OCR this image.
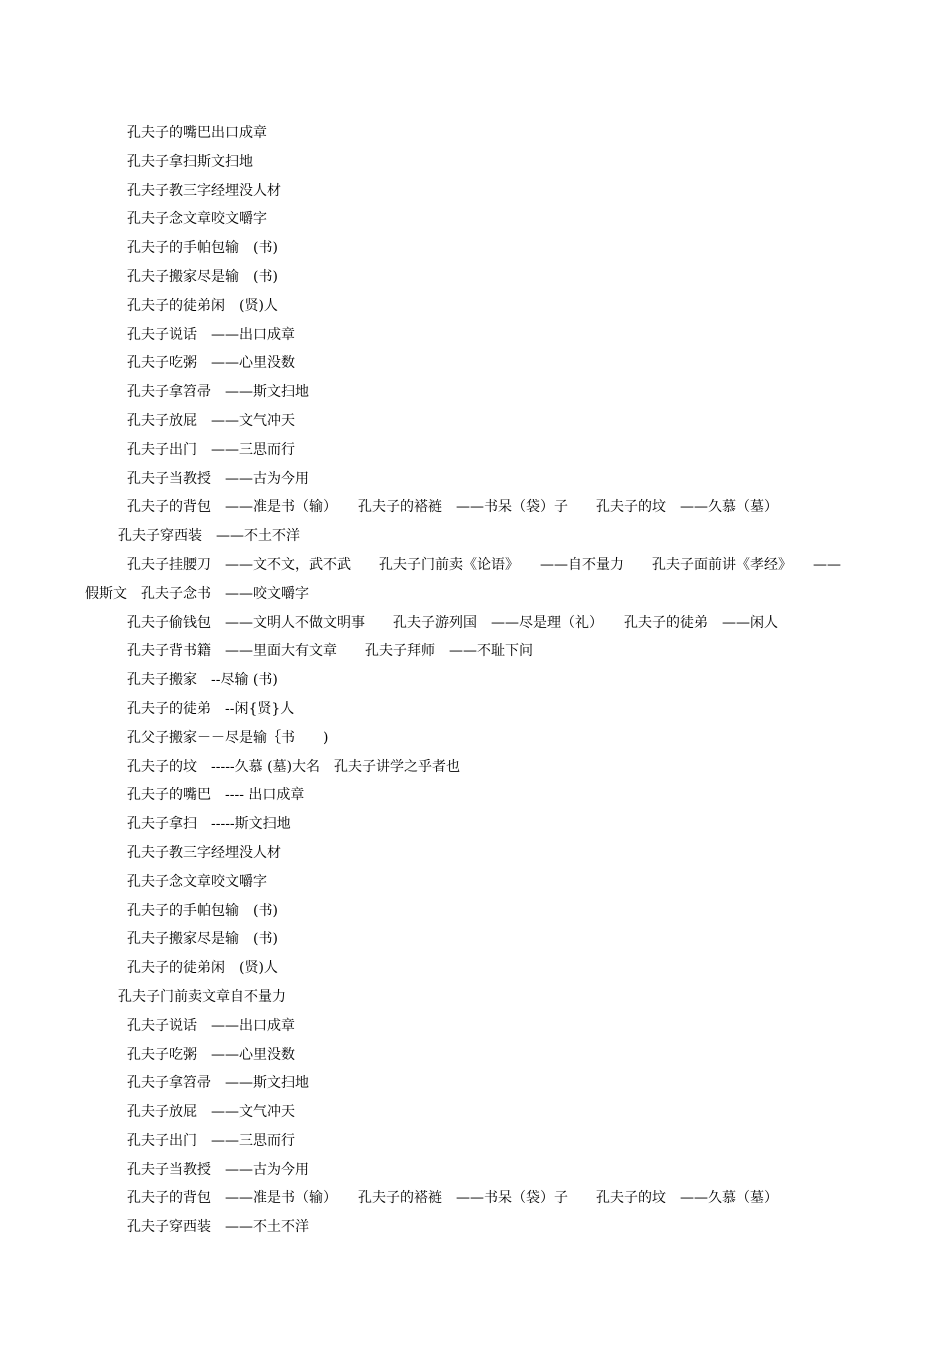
孔夫子的嘴巴出口成章
孔夫子拿扫斯文扫地
孔夫子教三字经埋没人材
孔夫子念文章咬文嚼字
孔夫子的手帕包输　(书)
孔夫子搬家尽是输　(书)
孔夫子的徒弟闲　(贤)人
孔夫子说话　——出口成章
孔夫子吃粥　——心里没数
孔夫子拿笤帚　——斯文扫地
孔夫子放屁　——文气冲天
孔夫子出门　——三思而行
孔夫子当教授　——古为今用
孔夫子的背包　——准是书（输）　　孔夫子的褡裢　——书呆（袋）子　　孔夫子的坟　——久慕（墓）
孔夫子穿西装　——不土不洋
孔夫子挂腰刀　——文不文，武不武　　孔夫子门前卖《论语》　　——自不量力　　孔夫子面前讲《孝经》　　——
假斯文　孔夫子念书　——咬文嚼字
孔夫子偷钱包　——文明人不做文明事　　孔夫子游列国　——尽是理（礼）　　孔夫子的徒弟　——闲人
孔夫子背书籍　——里面大有文章　　孔夫子拜师　——不耻下问
孔夫子搬家　--尽输 (书)
孔夫子的徒弟　--闲{贤}人
孔父子搬家－－尽是输｛书　　)
孔夫子的坟　-----久慕 (墓)大名　孔夫子讲学之乎者也
孔夫子的嘴巴　---- 出口成章
孔夫子拿扫　-----斯文扫地
孔夫子教三字经埋没人材
孔夫子念文章咬文嚼字
孔夫子的手帕包输　(书)
孔夫子搬家尽是输　(书)
孔夫子的徒弟闲　(贤)人
孔夫子门前卖文章自不量力
孔夫子说话　——出口成章
孔夫子吃粥　——心里没数
孔夫子拿笤帚　——斯文扫地
孔夫子放屁　——文气冲天
孔夫子出门　——三思而行
孔夫子当教授　——古为今用
孔夫子的背包　——准是书（输）　　孔夫子的褡裢　——书呆（袋）子　　孔夫子的坟　——久慕（墓）
孔夫子穿西装　——不土不洋
